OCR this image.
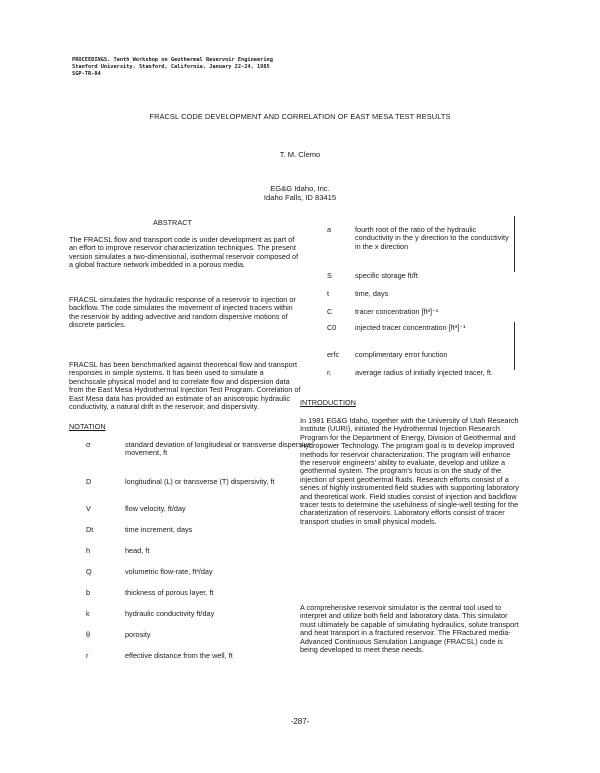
PROCEEDINGS. Tenth Workshop on Geothermal Reservoir Engineering
Stanford University, Stanford, California, January 22-24, 1985
SGP-TR-84
FRACSL CODE DEVELOPMENT AND CORRELATION OF EAST MESA TEST RESULTS
T. M. Clemo
EG&G Idaho, Inc.
Idaho Falls, ID 83415
ABSTRACT
The FRACSL flow and transport code is under development as part of an effort to improve reservoir characterization techniques. The present version simulates a two-dimensional, isothermal reservoir composed of a global fracture network imbedded in a porous media.
FRACSL simulates the hydraulic response of a reservoir to injection or backflow. The code simulates the movement of injected tracers within the reservoir by adding advective and random dispersive motions of discrete particles.
FRACSL has been benchmarked against theoretical flow and transport responses in simple systems. It has been used to simulate a benchscale physical model and to correlate flow and dispersion data from the East Mesa Hydrothermal Injection Test Program. Correlation of East Mesa data has provided an estimate of an anisotropic hydraulic conductivity, a natural drift in the reservoir, and dispersivity.
NOTATION
σ	standard deviation of longitudinal or transverse dispersive movement, ft
D	longitudinal (L) or transverse (T) dispersivity, ft
V	flow velocity, ft/day
Dt	time increment, days
h	head, ft
Q	volumetric flow-rate, ft³/day
b	thickness of porous layer, ft
k	hydraulic conductivity ft/day
θ	porosity
r	effective distance from the well, ft
a	fourth root of the ratio of the hydraulic conductivity in the y direction to the conductivity in the x direction
S	specific storage ft/ft
t	time, days
C	tracer concentration [ft³]⁻¹
C0	injected tracer concentration [ft³]⁻¹
erfc	complimentary error function
rᵢ	average radius of initially injected tracer, ft.
INTRODUCTION
In 1981 EG&G Idaho, together with the University of Utah Research Institute (UURI), initiated the Hydrothermal Injection Research Program for the Department of Energy, Division of Geothermal and Hydropower Technology. The program goal is to develop improved methods for reservoir characterization. The program will enhance the reservoir engineers' ability to evaluate, develop and utilize a geothermal system. The program's focus is on the study of the injection of spent geothermal fluids. Research efforts consist of a series of highly instrumented field studies with supporting laboratory and theoretical work. Field studies consist of injection and backflow tracer tests to determine the usefulness of single-well testing for the charaterization of reservoirs. Laboratory efforts consist of tracer transport studies in small physical models.
A comprehensive reservoir simulator is the central tool used to interpret and utilize both field and laboratory data. This simulator must ultimately be capable of simulating hydraulics, solute transport and heat transport in a fractured reservoir. The FRactured media-Advanced Continuous Simulation Language (FRACSL) code is being developed to meet these needs.
-287-
